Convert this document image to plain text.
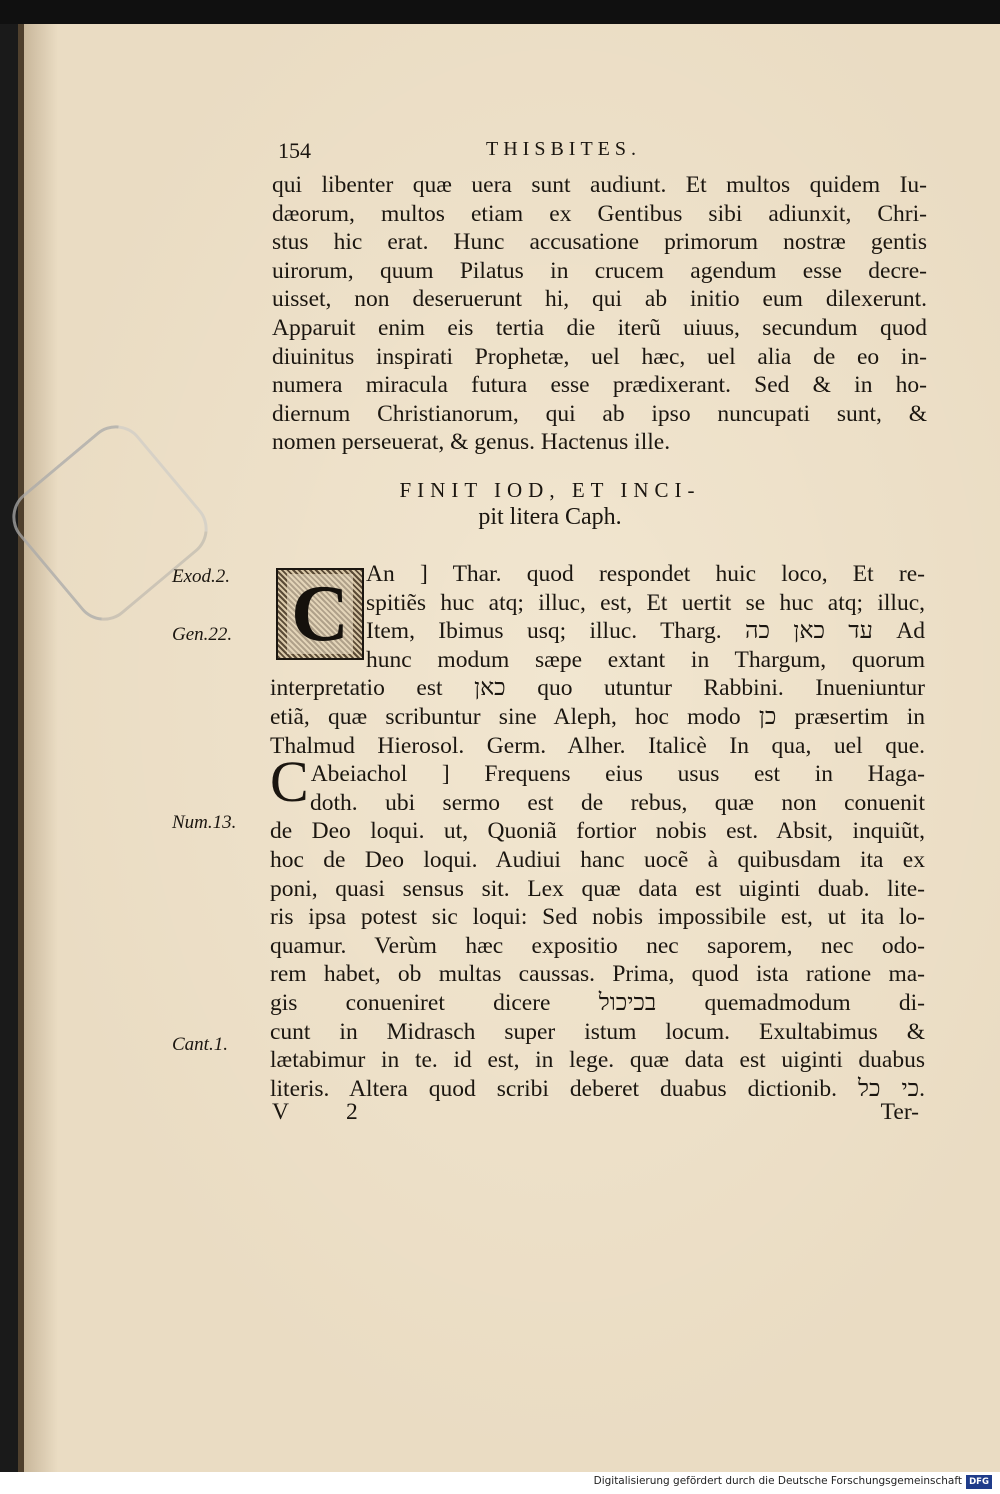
154	THISBITES.
qui libenter quæ uera sunt audiunt. Et multos quidem Iu-
dæorum, multos etiam ex Gentibus sibi adiunxit, Chri-
stus hic erat. Hunc accusatione primorum nostræ gentis
uirorum, quum Pilatus in crucem agendum esse decre-
uisset, non deseruerunt hi, qui ab initio eum dilexerunt.
Apparuit enim eis tertia die iterũ uiuus, secundum quod
diuinitus inspirati Prophetæ, uel hæc, uel alia de eo in-
numera miracula futura esse prædixerant. Sed & in ho-
diernum Christianorum, qui ab ipso nuncupati sunt, &
nomen perseuerat, & genus. Hactenus ille.
FINIT IOD, ET INCI-
pit litera Caph.
C An ] Thar. quod respondet huic loco, Et re-
spitiẽs huc atq; illuc, est, Et uertit se huc atq; illuc,
Item, Ibimus usq; illuc. Tharg. עד כאן כה Ad
hunc modum sæpe extant in Thargum, quorum
interpretatio est כאן quo utuntur Rabbini. Inueniuntur
etiã, quæ scribuntur sine Aleph, hoc modo כן præsertim in
Thalmud Hierosol. Germ. Alher. Italicè In qua, uel que.
CAbeiachol ] Frequens eius usus est in Haga-
doth. ubi sermo est de rebus, quæ non conuenit
de Deo loqui. ut, Quoniã fortior nobis est. Absit, inquiũt,
hoc de Deo loqui. Audiui hanc uocẽ à quibusdam ita ex
poni, quasi sensus sit. Lex quæ data est uiginti duab. lite-
ris ipsa potest sic loqui: Sed nobis impossibile est, ut ita lo-
quamur. Verùm hæc expositio nec saporem, nec odo-
rem habet, ob multas caussas. Prima, quod ista ratione ma-
gis conueniret dicere בכיכול quemadmodum di-
cunt in Midrasch super istum locum. Exultabimus &
lætabimur in te. id est, in lege. quæ data est uiginti duabus
literis. Altera quod scribi deberet duabus dictionib. כי כל.
Exod.2.
Gen.22.
Num.13.
Cant.1.
V 2	Ter-
Digitalisierung gefördert durch die Deutsche Forschungsgemeinschaft DFG
